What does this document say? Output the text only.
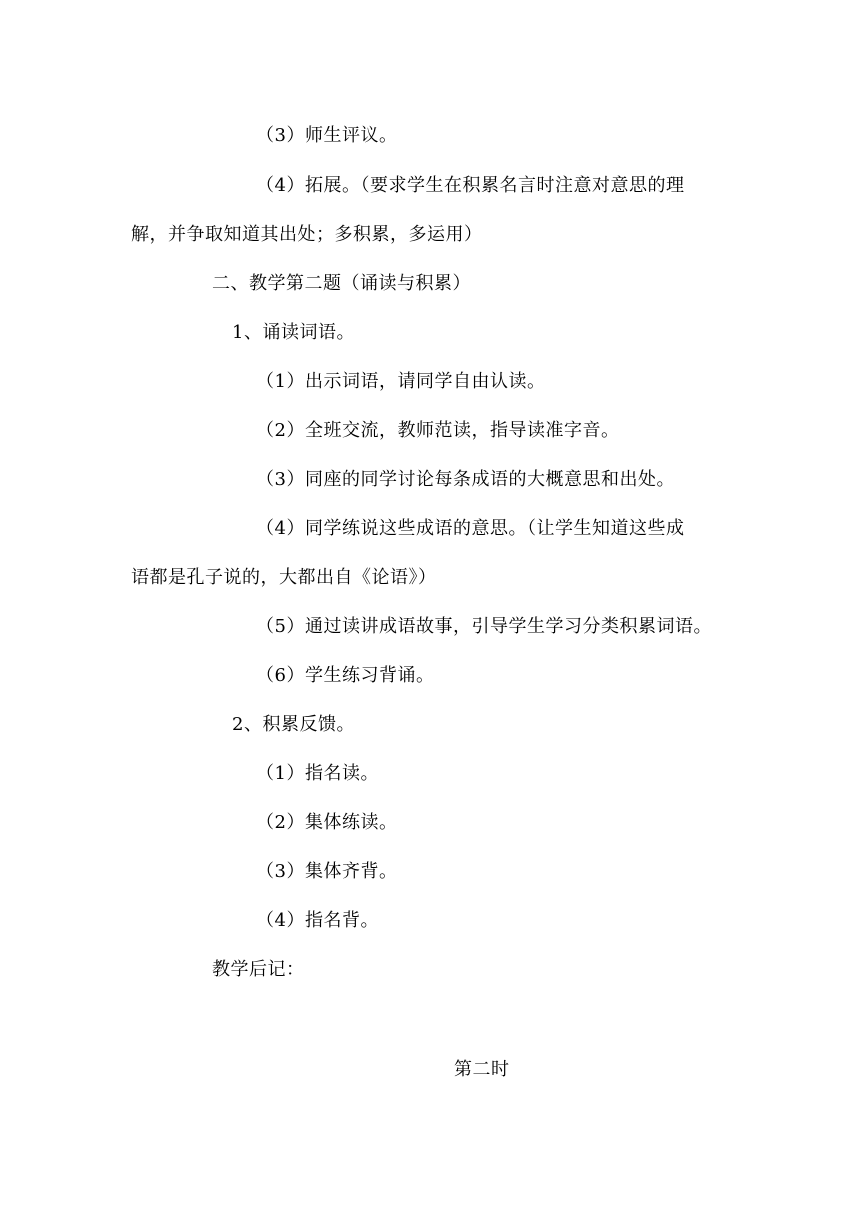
（3）师生评议。
（4）拓展。（要求学生在积累名言时注意对意思的理
解，并争取知道其出处；多积累，多运用）
二、教学第二题（诵读与积累）
1、诵读词语。
（1）出示词语，请同学自由认读。
（2）全班交流，教师范读，指导读准字音。
（3）同座的同学讨论每条成语的大概意思和出处。
（4）同学练说这些成语的意思。（让学生知道这些成
语都是孔子说的，大都出自《论语》）
（5）通过读讲成语故事，引导学生学习分类积累词语。
（6）学生练习背诵。
2、积累反馈。
（1）指名读。
（2）集体练读。
（3）集体齐背。
（4）指名背。
教学后记：
第二时
